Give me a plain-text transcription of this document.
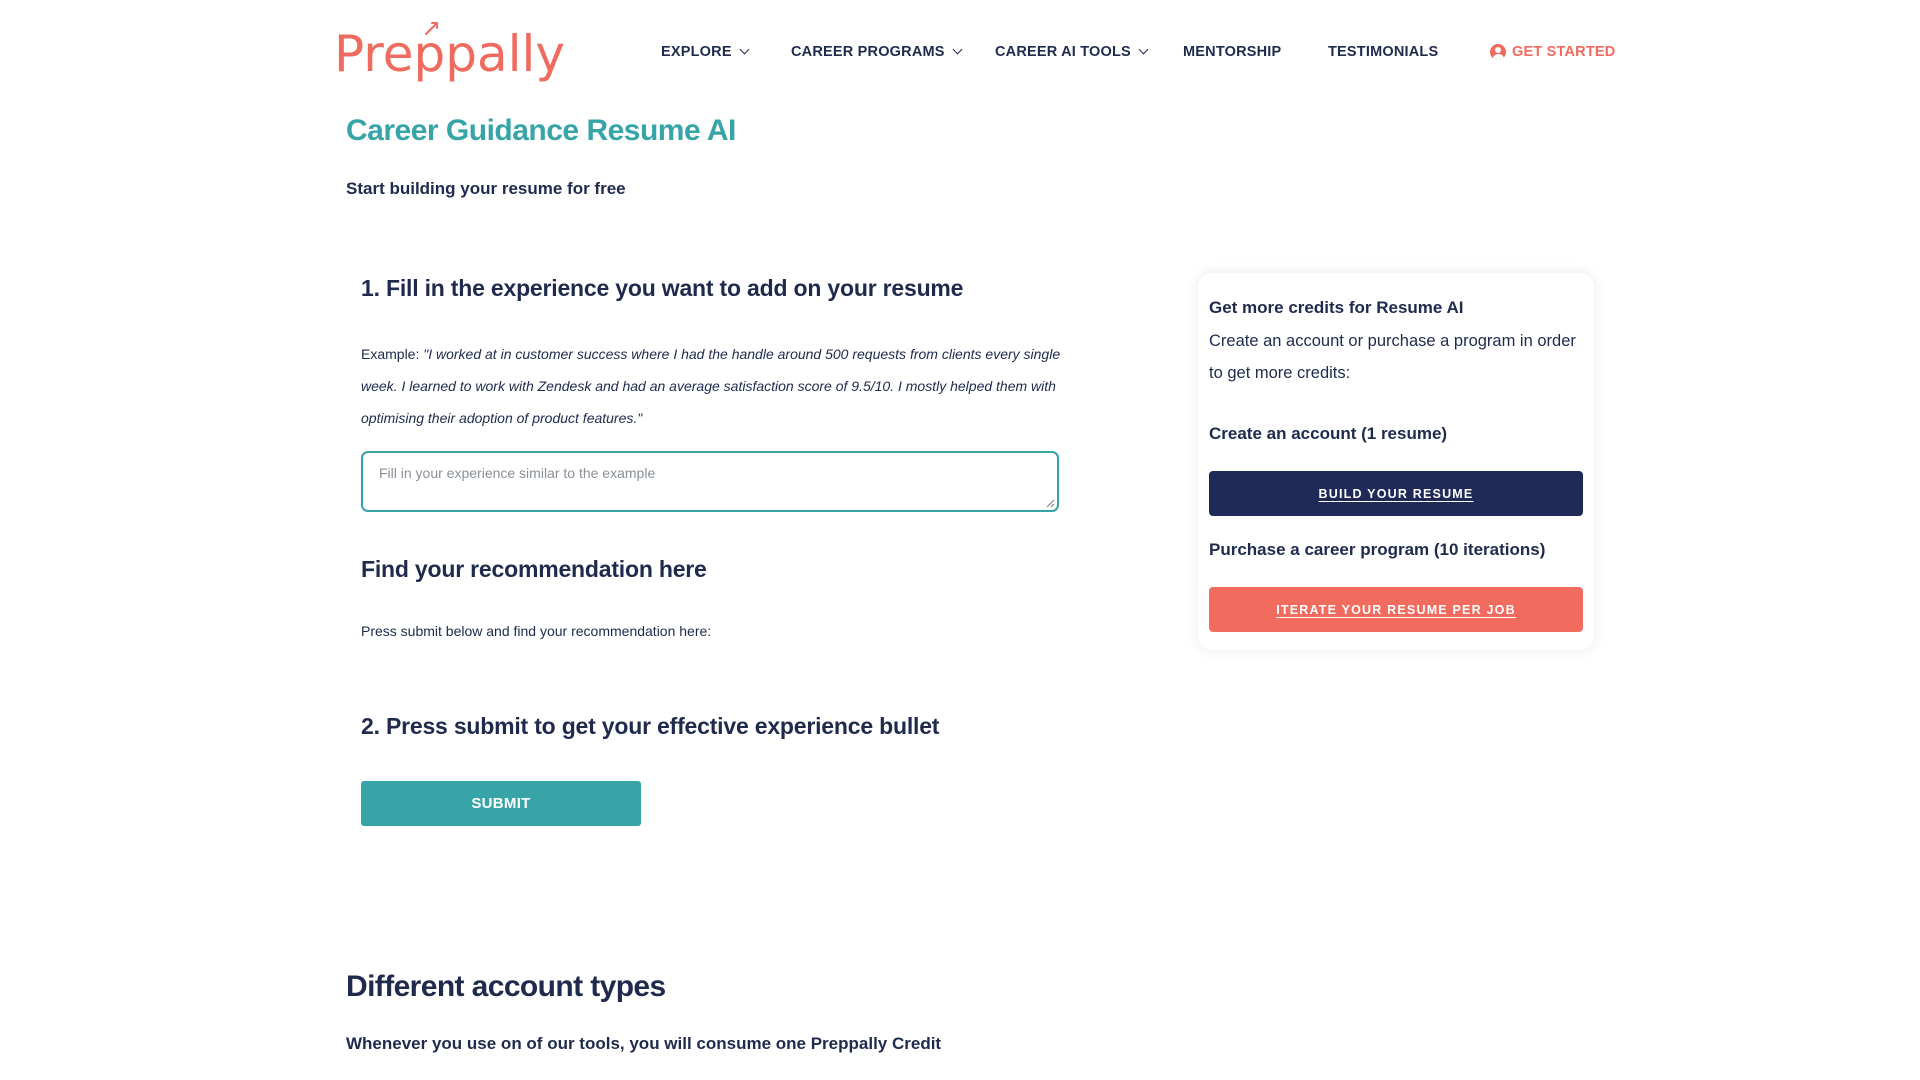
Preppally	EXPLORE	CAREER PROGRAMS	CAREER AI TOOLS	MENTORSHIP	TESTIMONIALS	GET STARTED
Career Guidance Resume AI

Start building your resume for free

1. Fill in the experience you want to add on your resume

Example: "I worked at in customer success where I had the handle around 500 requests from clients every single week. I learned to work with Zendesk and had an average satisfaction score of 9.5/10. I mostly helped them with optimising their adoption of product features."

Fill in your experience similar to the example
Find your recommendation here

Press submit below and find your recommendation here:

2. Press submit to get your effective experience bullet
SUBMIT
Different account types

Whenever you use on of our tools, you will consume one Preppally Credit

Get more credits for Resume AI

Create an account or purchase a program in order to get more credits:

Create an account (1 resume)

BUILD YOUR RESUME

Purchase a career program (10 iterations)

ITERATE YOUR RESUME PER JOB
